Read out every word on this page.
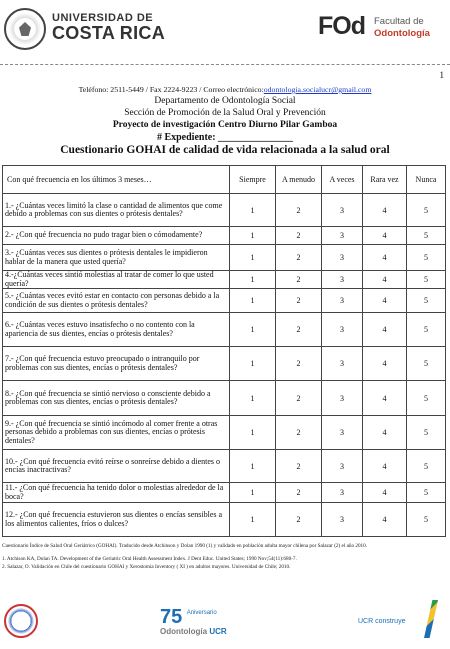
UNIVERSIDAD DE
COSTA RICA	FOd Facultad de
Odontología
1
Teléfono: 2511-5449 / Fax 2224-9223 / Correo electrónico:odontologia.socialucr@gmail.com
Departamento de Odontología Social
Sección de Promoción de la Salud Oral y Prevención
Proyecto de investigación Centro Diurno Pilar Gamboa
# Expediente: _______________
Cuestionario GOHAI de calidad de vida relacionada a la salud oral
Con qué frecuencia en los últimos 3 meses…	Siempre	A menudo	A veces	Rara vez	Nunca
1.- ¿Cuántas veces limitó la clase o cantidad de alimentos que come debido a problemas con sus dientes o prótesis dentales?	1	2	3	4	5
2.- ¿Con qué frecuencia no pudo tragar bien o cómodamente?	1	2	3	4	5
3.- ¿Cuántas veces sus dientes o prótesis dentales le impidieron hablar de la manera que usted quería?	1	2	3	4	5
4.-¿Cuántas veces sintió molestias al tratar de comer lo que usted quería?	1	2	3	4	5
5.- ¿Cuántas veces evitó estar en contacto con personas debido a la condición de sus dientes o prótesis dentales?	1	2	3	4	5
6.- ¿Cuántas veces estuvo insatisfecho o no contento con la apariencia de sus dientes, encías o prótesis dentales?	1	2	3	4	5
7.- ¿Con qué frecuencia estuvo preocupado o intranquilo por problemas con sus dientes, encías o prótesis dentales?	1	2	3	4	5
8.- ¿Con qué frecuencia se sintió nervioso o consciente debido a problemas con sus dientes, encías o prótesis dentales?	1	2	3	4	5
9.- ¿Con qué frecuencia se sintió incómodo al comer frente a otras personas debido a problemas con sus dientes, encías o prótesis dentales?	1	2	3	4	5
10.- ¿Con qué frecuencia evitó reírse o sonreírse debido a dientes o encías inactractivas?	1	2	3	4	5
11.- ¿Con qué frecuencia ha tenido dolor o molestias alrededor de la boca?	1	2	3	4	5
12.- ¿Con qué frecuencia estuvieron sus dientes o encías sensibles a los alimentos calientes, fríos o dulces?	1	2	3	4	5
Cuestionario Índice de Salud Oral Geriátrico (GOHAI). Traducido desde Atchinson y Dolan 1990 (1) y validado en población adulta mayor chilena por Salazar (2) el año 2010.
1. Atchison KA, Dolan TA. Development of the Geriatric Oral Health Assessment Index. J Dent Educ. United States; 1990 Nov;54(11):680-7.
2. Salazar, O. Validación en Chile del cuestionario GOHAI y Xerostomía Inventory ( XI ) en adultos mayores. Universidad de Chile; 2010.
75 Aniversario
Odontología UCR
UCR construye
